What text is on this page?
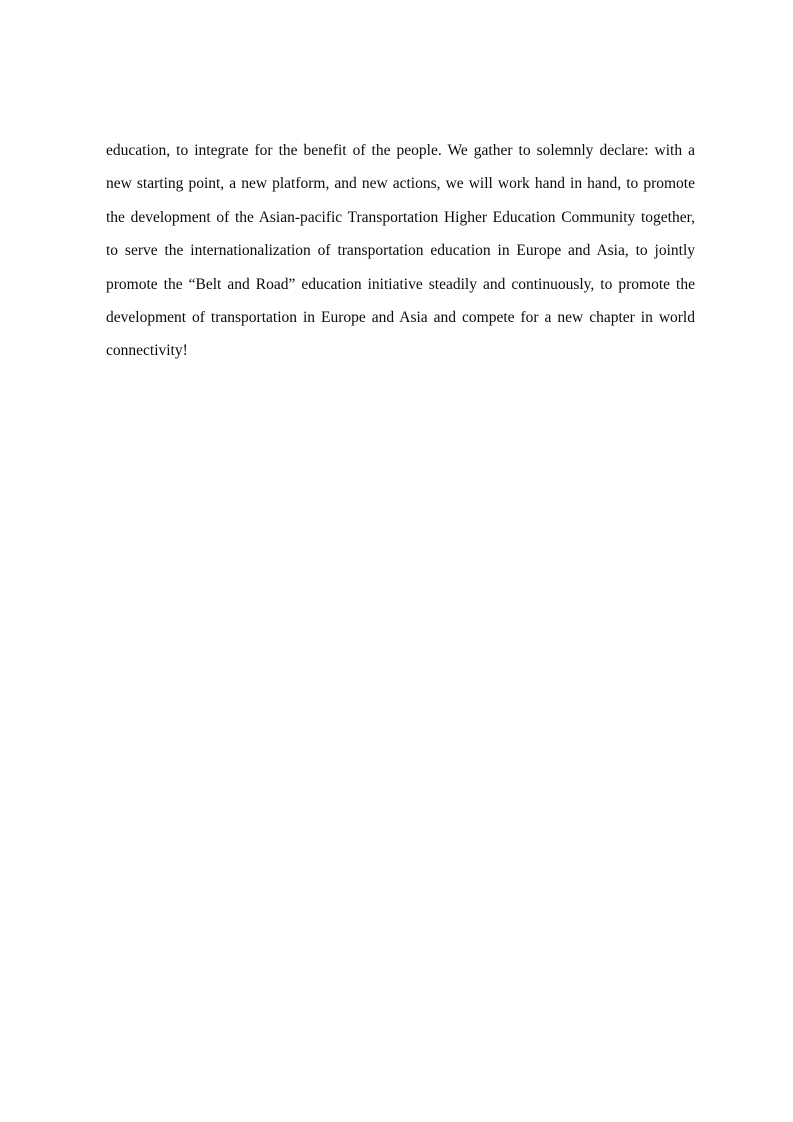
education, to integrate for the benefit of the people. We gather to solemnly declare: with a new starting point, a new platform, and new actions, we will work hand in hand, to promote the development of the Asian-pacific Transportation Higher Education Community together, to serve the internationalization of transportation education in Europe and Asia, to jointly promote the “Belt and Road” education initiative steadily and continuously, to promote the development of transportation in Europe and Asia and compete for a new chapter in world connectivity!
